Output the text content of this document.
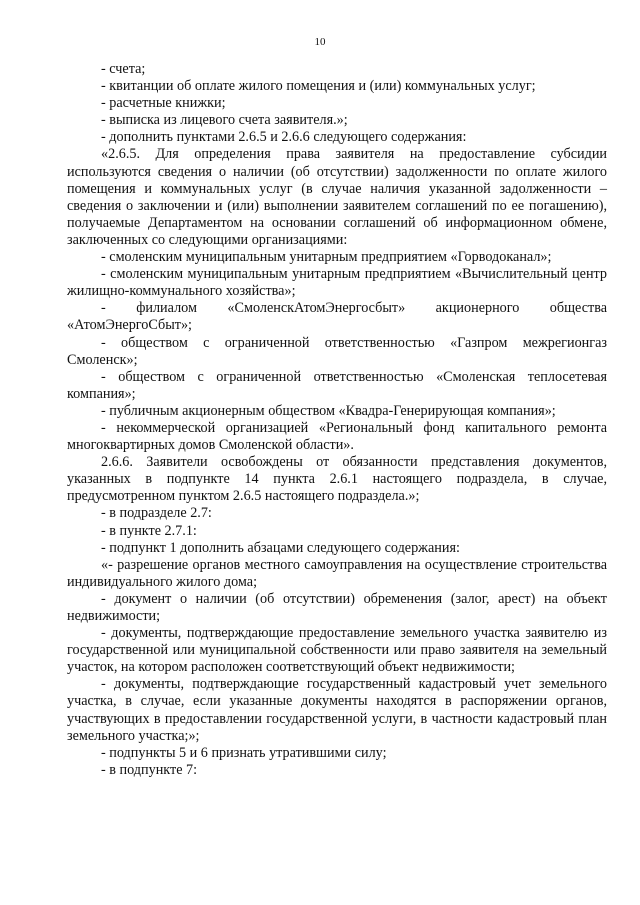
10

- счета;

- квитанции об оплате жилого помещения и (или) коммунальных услуг;

- расчетные книжки;

- выписка из лицевого счета заявителя.»;

- дополнить пунктами 2.6.5 и 2.6.6 следующего содержания:

«2.6.5. Для определения права заявителя на предоставление субсидии используются сведения о наличии (об отсутствии) задолженности по оплате жилого помещения и коммунальных услуг (в случае наличия указанной задолженности – сведения о заключении и (или) выполнении заявителем соглашений по ее погашению), получаемые Департаментом на основании соглашений об информационном обмене, заключенных со следующими организациями:

- смоленским муниципальным унитарным предприятием «Горводоканал»;

- смоленским муниципальным унитарным предприятием «Вычислительный центр жилищно-коммунального хозяйства»;

- филиалом «СмоленскАтомЭнергосбыт» акционерного общества «АтомЭнергоСбыт»;

- обществом с ограниченной ответственностью «Газпром межрегионгаз Смоленск»;

- обществом с ограниченной ответственностью «Смоленская теплосетевая компания»;

- публичным акционерным обществом «Квадра-Генерирующая компания»;

- некоммерческой организацией «Региональный фонд капитального ремонта многоквартирных домов Смоленской области».

2.6.6. Заявители освобождены от обязанности представления документов, указанных в подпункте 14 пункта 2.6.1 настоящего подраздела, в случае, предусмотренном пунктом 2.6.5 настоящего подраздела.»;

- в подразделе 2.7:

- в пункте 2.7.1:

- подпункт 1 дополнить абзацами следующего содержания:

«- разрешение органов местного самоуправления на осуществление строительства индивидуального жилого дома;

- документ о наличии (об отсутствии) обременения (залог, арест) на объект недвижимости;

- документы, подтверждающие предоставление земельного участка заявителю из государственной или муниципальной собственности или право заявителя на земельный участок, на котором расположен соответствующий объект недвижимости;

- документы, подтверждающие государственный кадастровый учет земельного участка, в случае, если указанные документы находятся в распоряжении органов, участвующих в предоставлении государственной услуги, в частности кадастровый план земельного участка;»;

- подпункты 5 и 6 признать утратившими силу;

- в подпункте 7:
